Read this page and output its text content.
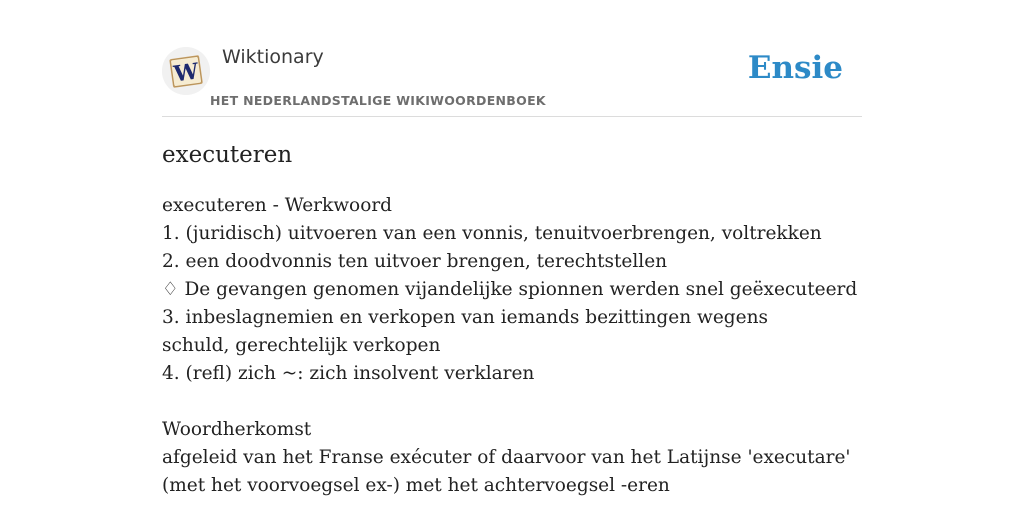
W
Wiktionary
HET NEDERLANDSTALIGE WIKIWOORDENBOEK
Ensie
executeren
executeren - Werkwoord
1. (juridisch) uitvoeren van een vonnis, tenuitvoerbrengen, voltrekken
2. een doodvonnis ten uitvoer brengen, terechtstellen
♢ De gevangen genomen vijandelijke spionnen werden snel geëxecuteerd
3. inbeslagnemien en verkopen van iemands bezittingen wegens schuld, gerechtelijk verkopen
4. (refl) zich ~: zich insolvent verklaren
Woordherkomst
afgeleid van het Franse exécuter of daarvoor van het Latijnse 'executare' (met het voorvoegsel ex-) met het achtervoegsel -eren
